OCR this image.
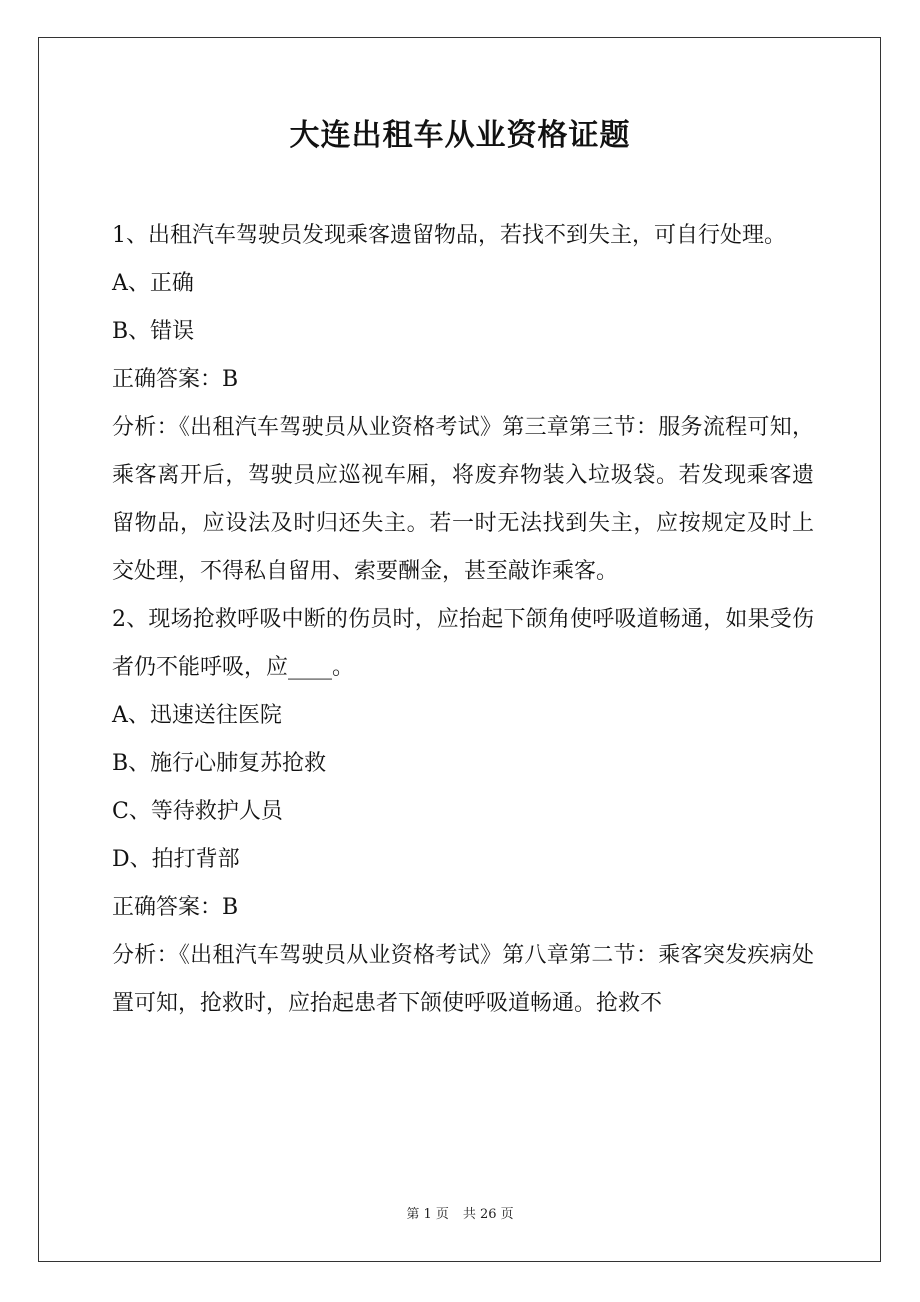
大连出租车从业资格证题

1、出租汽车驾驶员发现乘客遗留物品，若找不到失主，可自行处理。

A、正确

B、错误

正确答案：B

分析：《出租汽车驾驶员从业资格考试》第三章第三节：服务流程可知，乘客离开后，驾驶员应巡视车厢，将废弃物装入垃圾袋。若发现乘客遗留物品，应设法及时归还失主。若一时无法找到失主，应按规定及时上交处理，不得私自留用、索要酬金，甚至敲诈乘客。

2、现场抢救呼吸中断的伤员时，应抬起下颌角使呼吸道畅通，如果受伤者仍不能呼吸，应____。

A、迅速送往医院

B、施行心肺复苏抢救

C、等待救护人员

D、拍打背部

正确答案：B

分析：《出租汽车驾驶员从业资格考试》第八章第二节：乘客突发疾病处置可知，抢救时，应抬起患者下颌使呼吸道畅通。抢救不

第 1 页 共 26 页
